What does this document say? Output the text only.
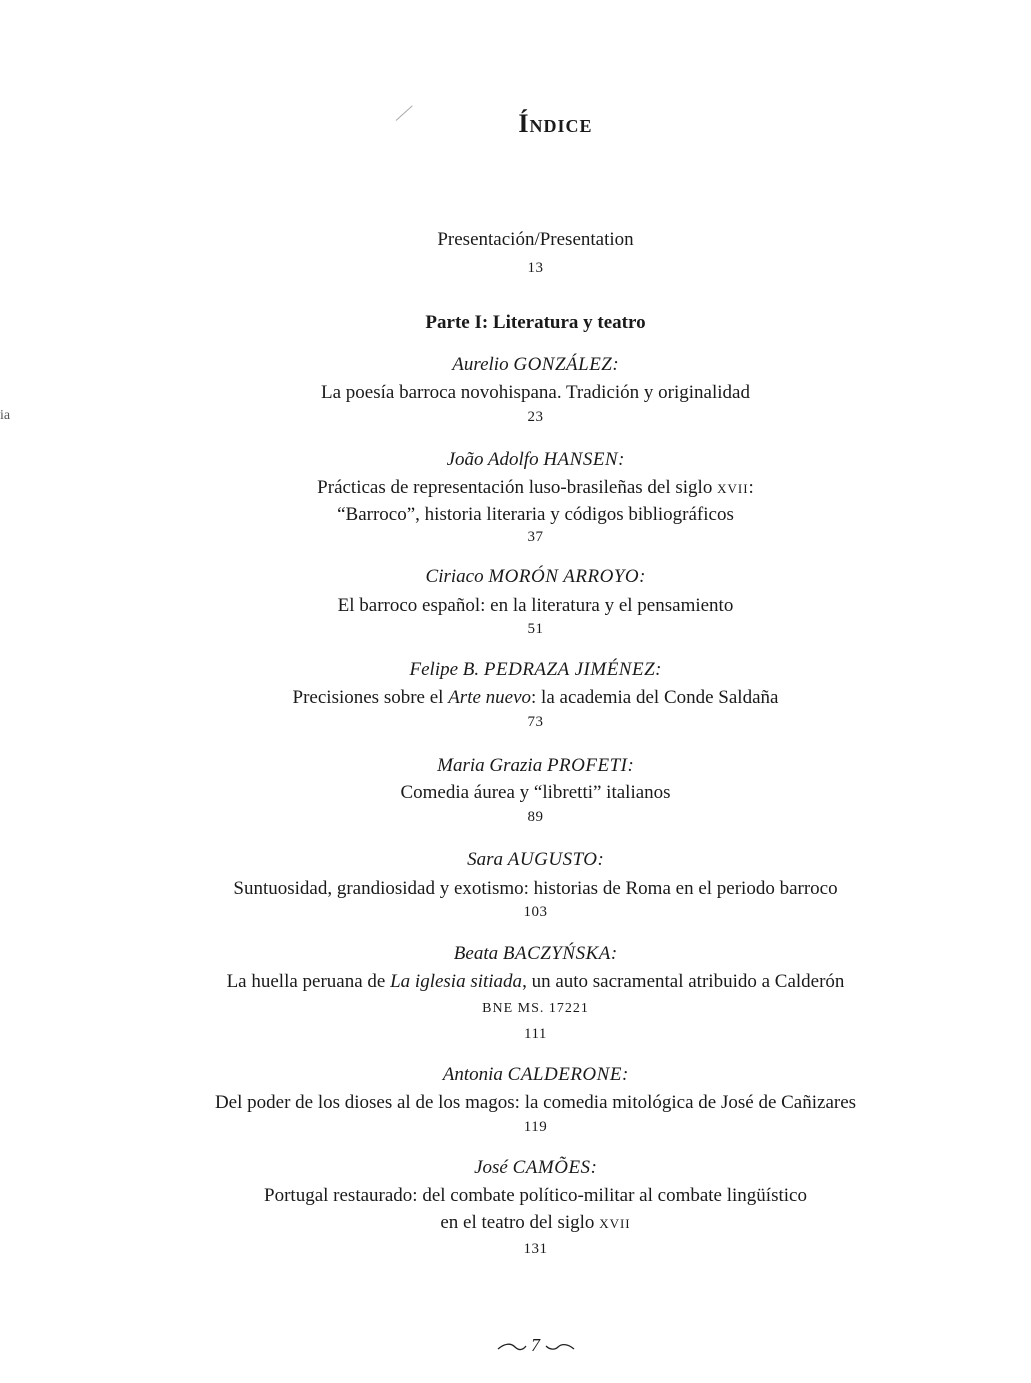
ia
Índice
Presentación/Presentation
13
Parte I: Literatura y teatro
Aurelio GONZÁLEZ:
La poesía barroca novohispana. Tradición y originalidad
23
João Adolfo HANSEN:
Prácticas de representación luso-brasileñas del siglo xvii:
“Barroco”, historia literaria y códigos bibliográficos
37
Ciriaco MORÓN ARROYO:
El barroco español: en la literatura y el pensamiento
51
Felipe B. PEDRAZA JIMÉNEZ:
Precisiones sobre el Arte nuevo: la academia del Conde Saldaña
73
Maria Grazia PROFETI:
Comedia áurea y “libretti” italianos
89
Sara AUGUSTO:
Suntuosidad, grandiosidad y exotismo: historias de Roma en el periodo barroco
103
Beata BACZYŃSKA:
La huella peruana de La iglesia sitiada, un auto sacramental atribuido a Calderón
BNE MS. 17221
111
Antonia CALDERONE:
Del poder de los dioses al de los magos: la comedia mitológica de José de Cañizares
119
José CAMÕES:
Portugal restaurado: del combate político-militar al combate lingüístico
en el teatro del siglo xvii
131
7
